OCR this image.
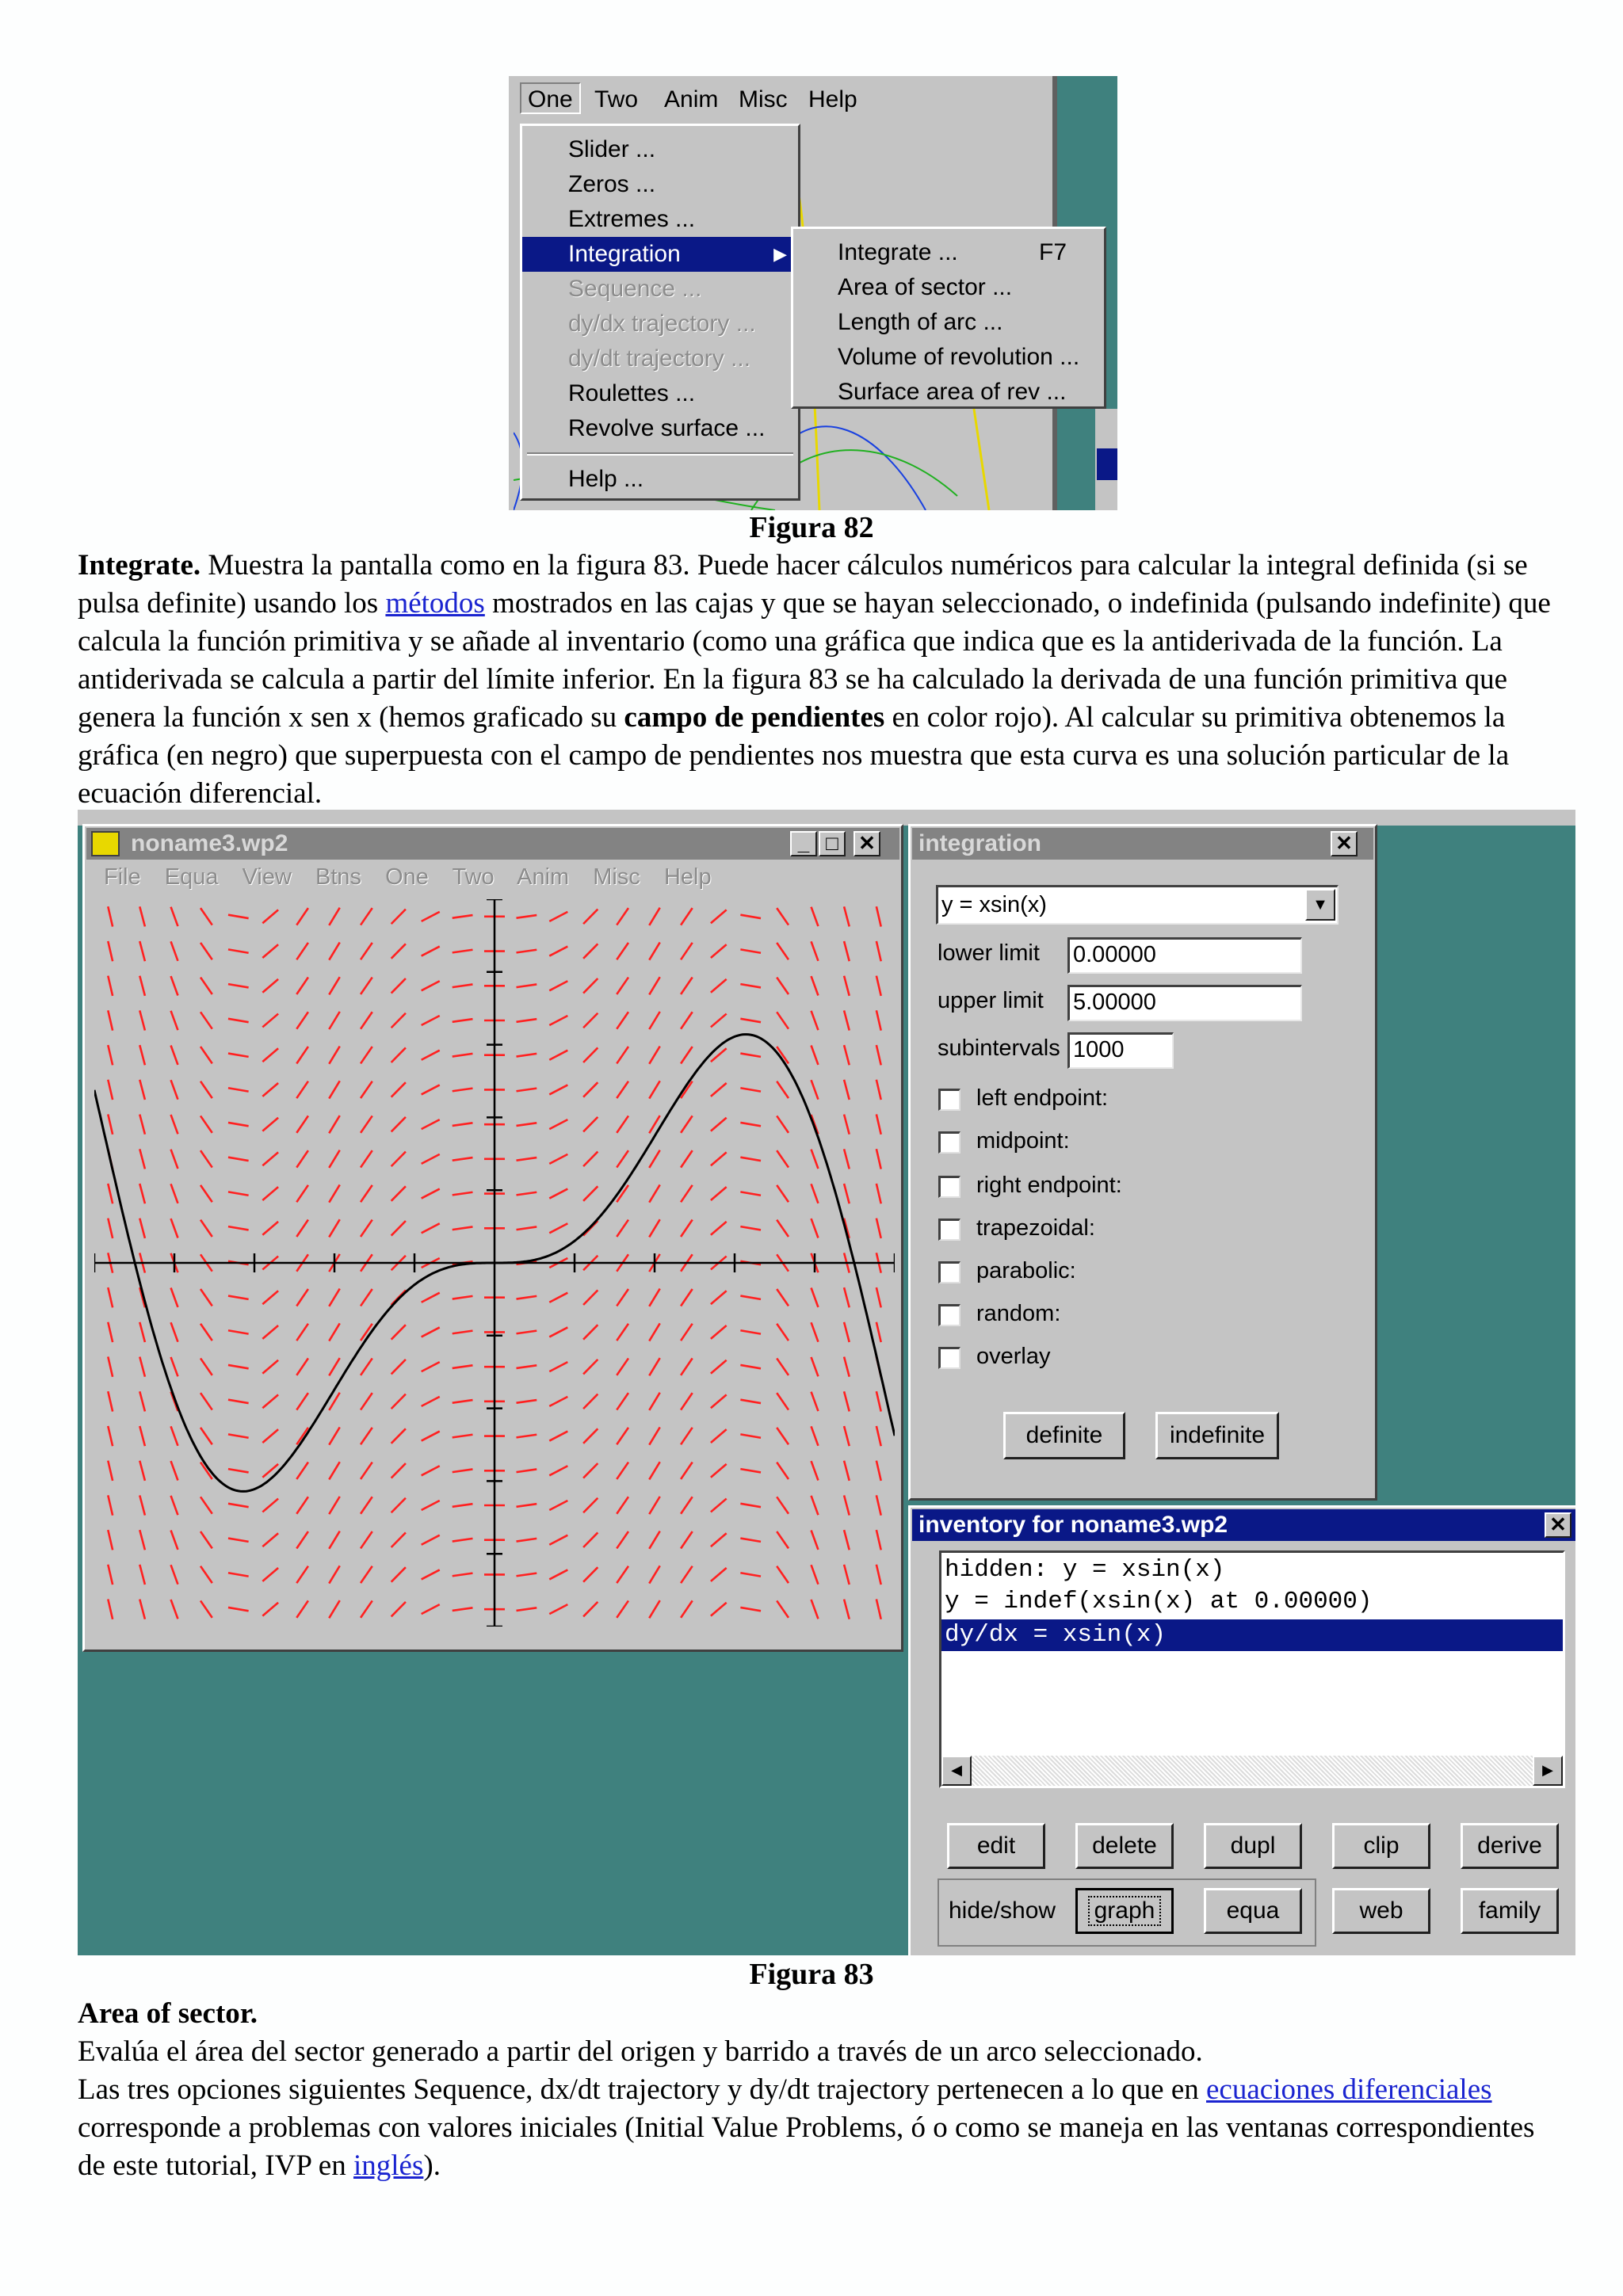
One Two Anim Misc Help
Slider ...
Zeros ...
Extremes ...
Integration	▶
Sequence ...
dy/dx trajectory ...
dy/dt trajectory ...
Roulettes ...
Revolve surface ...
Help ...
Integrate ...	F7
Area of sector ...
Length of arc ...
Volume of revolution ...
Surface area of rev ...
Figura 82
Integrate. Muestra la pantalla como en la figura 83. Puede hacer cálculos numéricos para calcular la integral definida (si se pulsa definite) usando los métodos mostrados en las cajas y que se hayan seleccionado, o indefinida (pulsando indefinite) que calcula la función primitiva y se añade al inventario (como una gráfica que indica que es la antiderivada de la función. La antiderivada se calcula a partir del límite inferior. En la figura 83 se ha calculado la derivada de una función primitiva que genera la función x sen x (hemos graficado su campo de pendientes en color rojo). Al calcular su primitiva obtenemos la gráfica (en negro) que superpuesta con el campo de pendientes nos muestra que esta curva es una solución particular de la ecuación diferencial.
noname3.wp2	_ □ ✕
File Equa View Btns One Two Anim Misc Help
integration	✕
y = xsin(x)	▼
lower limit 0.00000
upper limit 5.00000
subintervals 1000
left endpoint:
midpoint:
right endpoint:
trapezoidal:
parabolic:
random:
overlay
definite	indefinite
inventory for noname3.wp2	✕
hidden: y = xsin(x)
y = indef(xsin(x) at 0.00000)
dy/dx = xsin(x)
◀	▶
edit	delete	dupl	clip	derive
hide/show graph	equa	web	family
Figura 83
Area of sector.
Evalúa el área del sector generado a partir del origen y barrido a través de un arco seleccionado.
Las tres opciones siguientes Sequence, dx/dt trajectory y dy/dt trajectory pertenecen a lo que en ecuaciones diferenciales corresponde a problemas con valores iniciales (Initial Value Problems, ó o como se maneja en las ventanas correspondientes de este tutorial, IVP en inglés).
